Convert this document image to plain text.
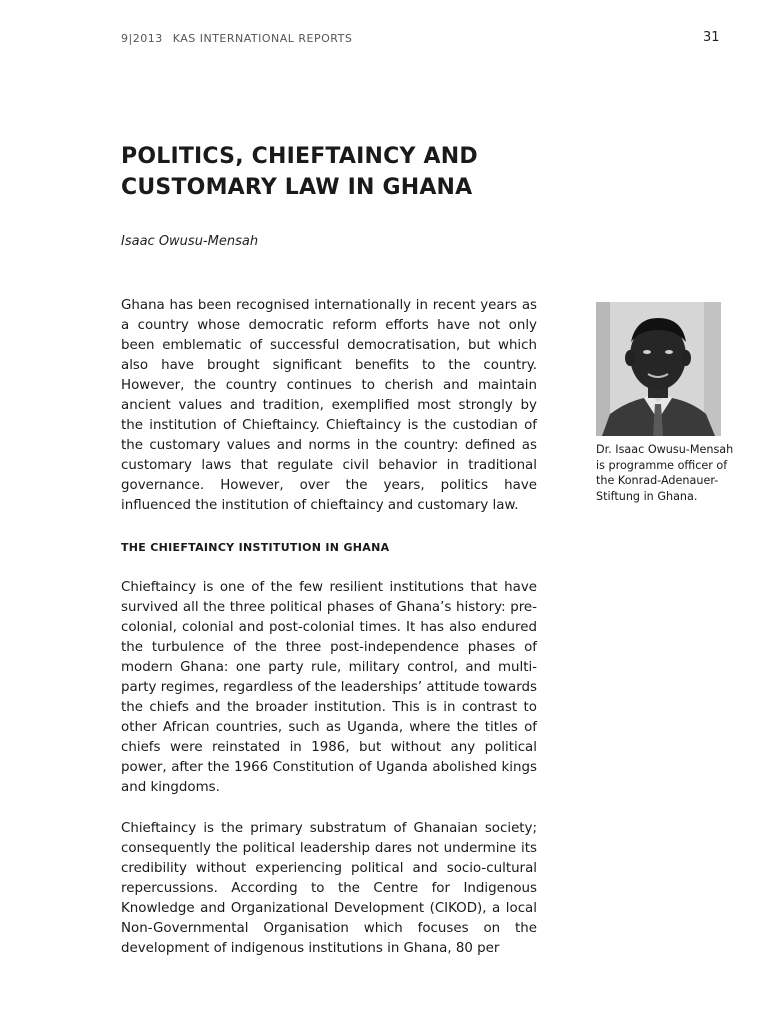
9|2013 KAS INTERNATIONAL REPORTS	31
POLITICS, CHIEFTAINCY AND CUSTOMARY LAW IN GHANA
Isaac Owusu-Mensah

Ghana has been recognised internationally in recent years as a country whose democratic reform efforts have not only been emblematic of successful democratisation, but which also have brought significant benefits to the country. However, the country continues to cherish and maintain ancient values and tradition, exemplified most strongly by the institution of Chieftaincy. Chieftaincy is the custodian of the customary values and norms in the country: defined as customary laws that regulate civil behavior in traditional governance. However, over the years, politics have influenced the institution of chieftaincy and customary law.

THE CHIEFTAINCY INSTITUTION IN GHANA

Chieftaincy is one of the few resilient institutions that have survived all the three political phases of Ghana’s history: pre-colonial, colonial and post-colonial times. It has also endured the turbulence of the three post-independence phases of modern Ghana: one party rule, military control, and multi-party regimes, regardless of the leaderships’ attitude towards the chiefs and the broader institution. This is in contrast to other African countries, such as Uganda, where the titles of chiefs were reinstated in 1986, but without any political power, after the 1966 Constitution of Uganda abolished kings and kingdoms.

Chieftaincy is the primary substratum of Ghanaian society; consequently the political leadership dares not undermine its credibility without experiencing political and socio-cultural repercussions. According to the Centre for Indigenous Knowledge and Organizational Development (CIKOD), a local Non-Governmental Organisation which focuses on the development of indigenous institutions in Ghana, 80 per

Dr. Isaac Owusu-Mensah is programme officer of the Konrad-Adenauer-Stiftung in Ghana.
